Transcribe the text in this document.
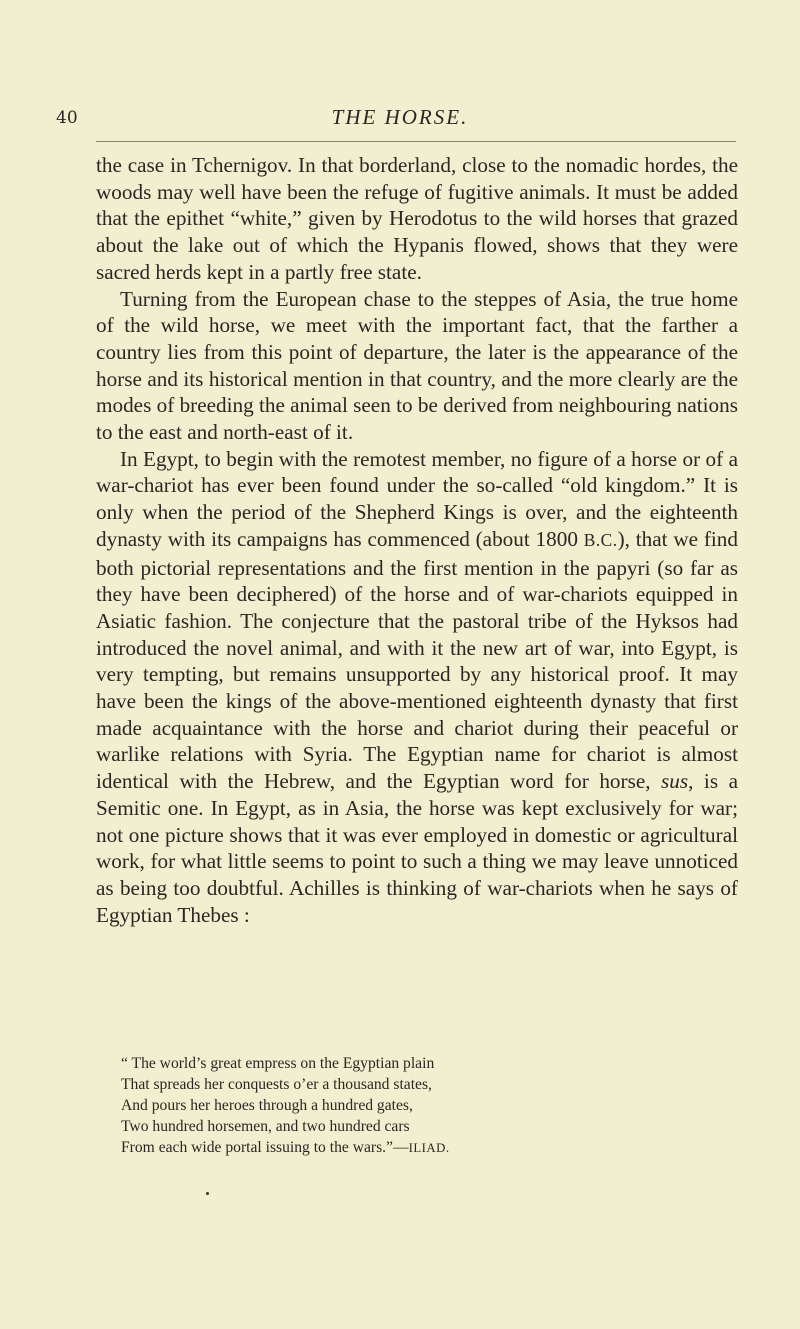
40	THE HORSE.

the case in Tchernigov. In that borderland, close to the nomadic hordes, the woods may well have been the refuge of fugitive animals. It must be added that the epithet “white,” given by Herodotus to the wild horses that grazed about the lake out of which the Hypanis flowed, shows that they were sacred herds kept in a partly free state.

Turning from the European chase to the steppes of Asia, the true home of the wild horse, we meet with the important fact, that the farther a country lies from this point of departure, the later is the appearance of the horse and its historical mention in that country, and the more clearly are the modes of breeding the animal seen to be derived from neighbouring nations to the east and north-east of it.

In Egypt, to begin with the remotest member, no figure of a horse or of a war-chariot has ever been found under the so-called “old kingdom.” It is only when the period of the Shepherd Kings is over, and the eighteenth dynasty with its campaigns has commenced (about 1800 B.C.), that we find both pictorial representations and the first mention in the papyri (so far as they have been deciphered) of the horse and of war-chariots equipped in Asiatic fashion. The conjecture that the pastoral tribe of the Hyksos had introduced the novel animal, and with it the new art of war, into Egypt, is very tempting, but remains unsupported by any historical proof. It may have been the kings of the above-mentioned eighteenth dynasty that first made acquaintance with the horse and chariot during their peaceful or warlike relations with Syria. The Egyptian name for chariot is almost identical with the Hebrew, and the Egyptian word for horse, sus, is a Semitic one. In Egypt, as in Asia, the horse was kept exclusively for war; not one picture shows that it was ever employed in domestic or agricultural work, for what little seems to point to such a thing we may leave unnoticed as being too doubtful. Achilles is thinking of war-chariots when he says of Egyptian Thebes :

“ The world’s great empress on the Egyptian plain
That spreads her conquests o’er a thousand states,
And pours her heroes through a hundred gates,
Two hundred horsemen, and two hundred cars
From each wide portal issuing to the wars.”—ILIAD.
